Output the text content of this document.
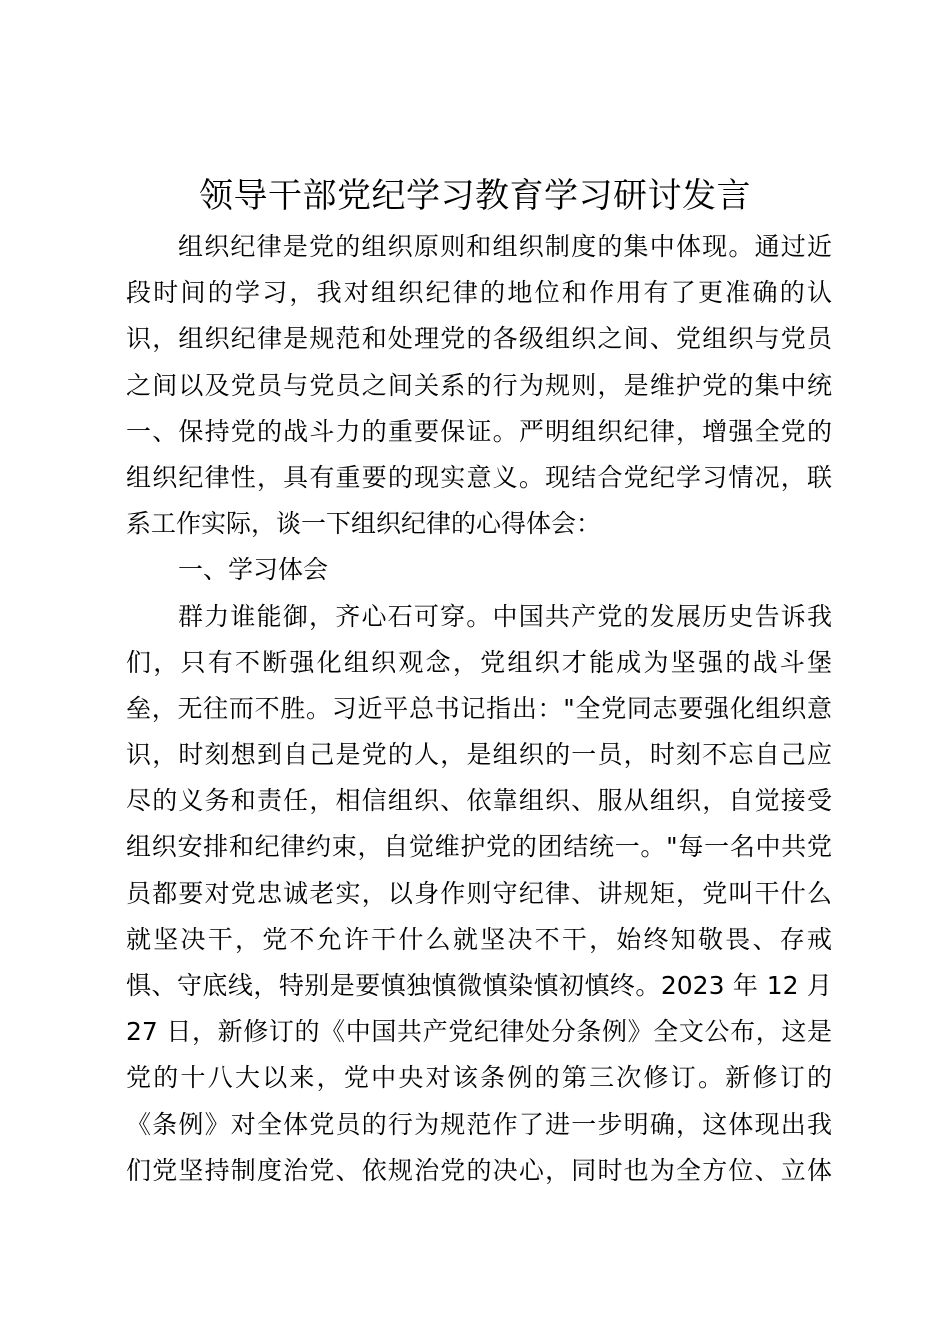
领导干部党纪学习教育学习研讨发言
组织纪律是党的组织原则和组织制度的集中体现。通过近
段时间的学习，我对组织纪律的地位和作用有了更准确的认
识，组织纪律是规范和处理党的各级组织之间、党组织与党员
之间以及党员与党员之间关系的行为规则，是维护党的集中统
一、保持党的战斗力的重要保证。严明组织纪律，增强全党的
组织纪律性，具有重要的现实意义。现结合党纪学习情况，联
系工作实际，谈一下组织纪律的心得体会：
一、学习体会
群力谁能御，齐心石可穿。中国共产党的发展历史告诉我
们，只有不断强化组织观念，党组织才能成为坚强的战斗堡
垒，无往而不胜。习近平总书记指出："全党同志要强化组织意
识，时刻想到自己是党的人，是组织的一员，时刻不忘自己应
尽的义务和责任，相信组织、依靠组织、服从组织，自觉接受
组织安排和纪律约束，自觉维护党的团结统一。"每一名中共党
员都要对党忠诚老实，以身作则守纪律、讲规矩，党叫干什么
就坚决干，党不允许干什么就坚决不干，始终知敬畏、存戒
惧、守底线，特别是要慎独慎微慎染慎初慎终。2023 年 12 月
27 日，新修订的《中国共产党纪律处分条例》全文公布，这是
党的十八大以来，党中央对该条例的第三次修订。新修订的
《条例》对全体党员的行为规范作了进一步明确，这体现出我
们党坚持制度治党、依规治党的决心，同时也为全方位、立体
